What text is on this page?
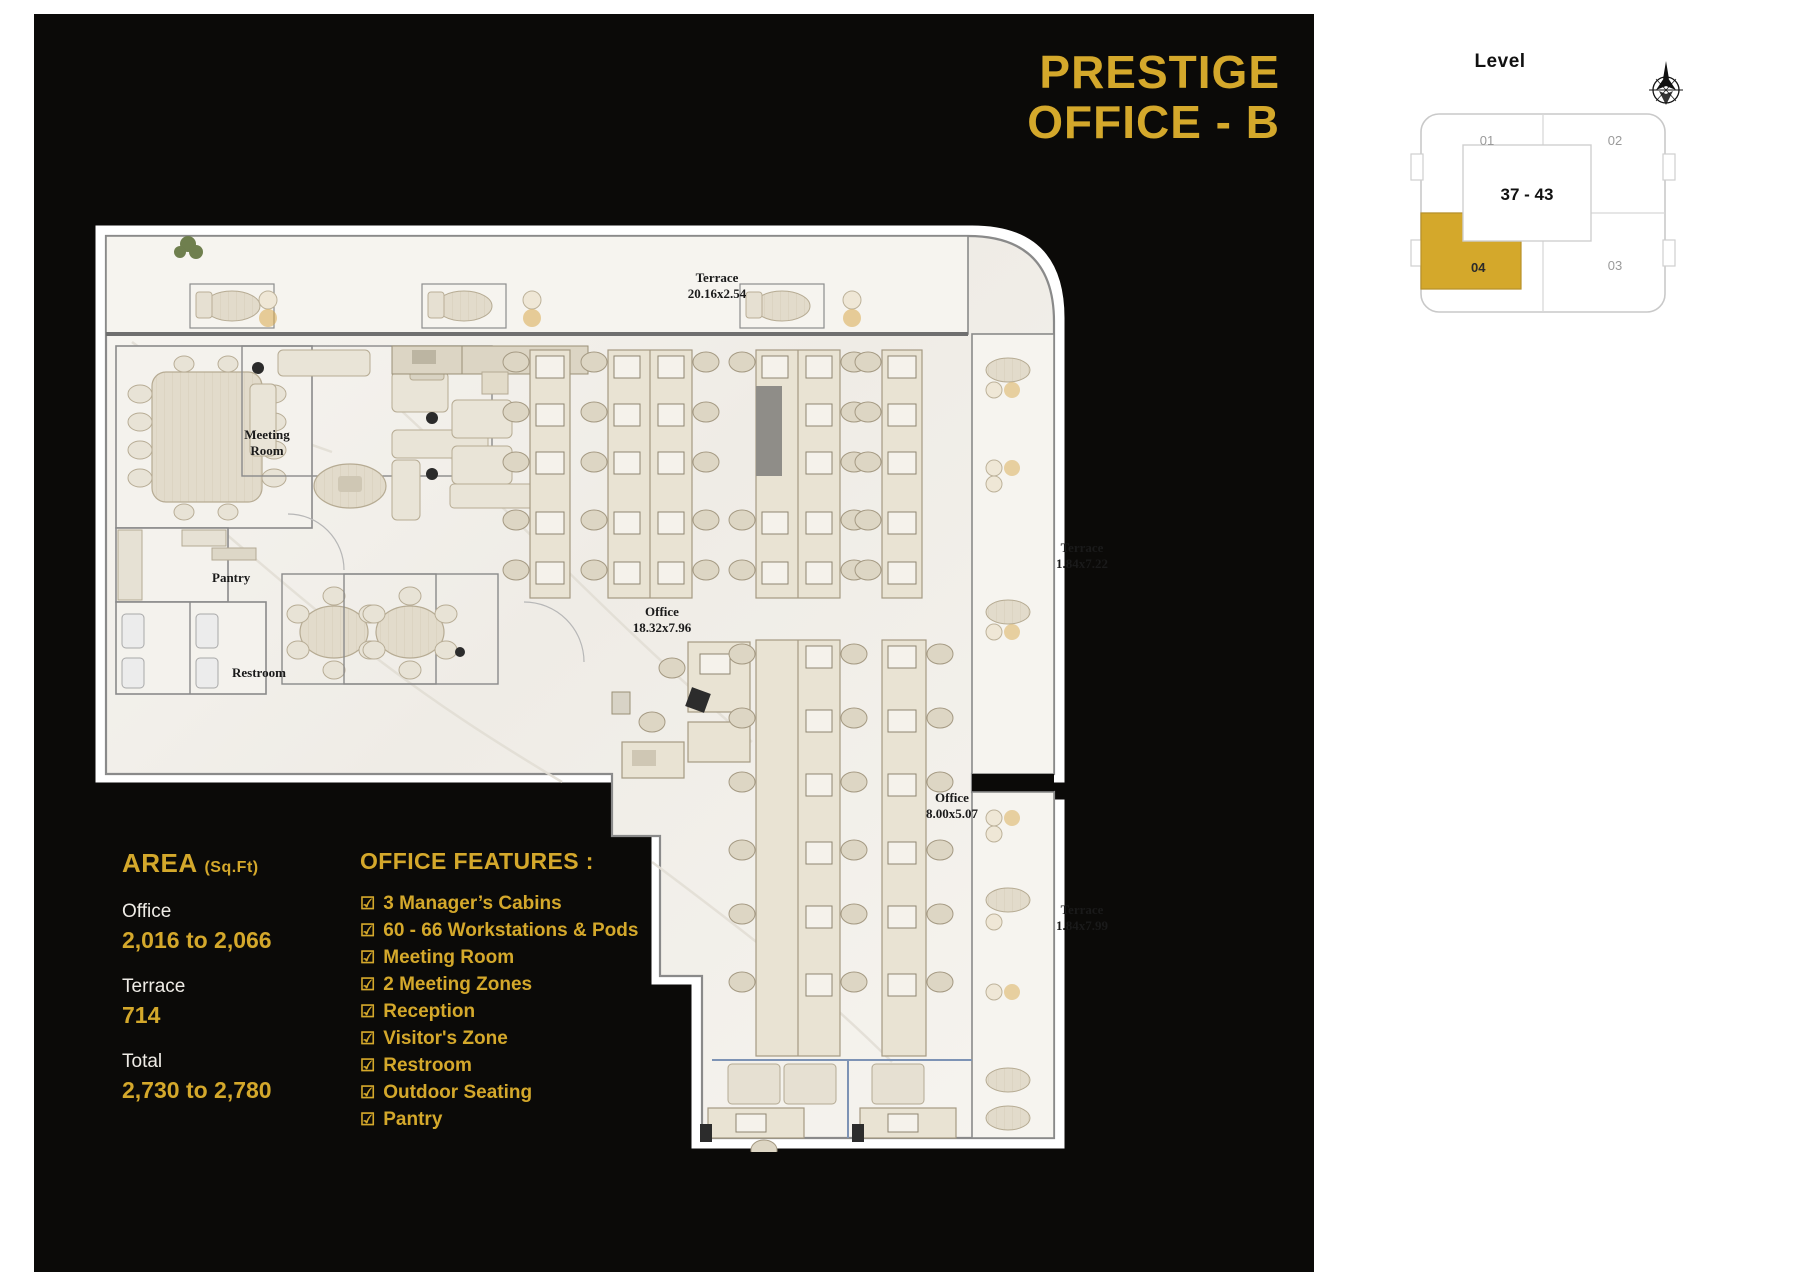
PRESTIGE
OFFICE - B
Level
37 - 43
01	02
03
04
AREA (Sq.Ft)
Office
2,016 to 2,066
Terrace
714
Total
2,730 to 2,780
OFFICE FEATURES :
☑ 3 Manager’s Cabins
☑ 60 - 66 Workstations & Pods
☑ Meeting Room
☑ 2 Meeting Zones
☑ Reception
☑ Visitor's Zone
☑ Restroom
☑ Outdoor Seating
☑ Pantry
Terrace
20.16x2.54
Terrace
1.84x7.22
Terrace
1.84x7.99
Office
18.32x7.96
Office
8.00x5.07
Meeting
Room
Pantry
Restroom
